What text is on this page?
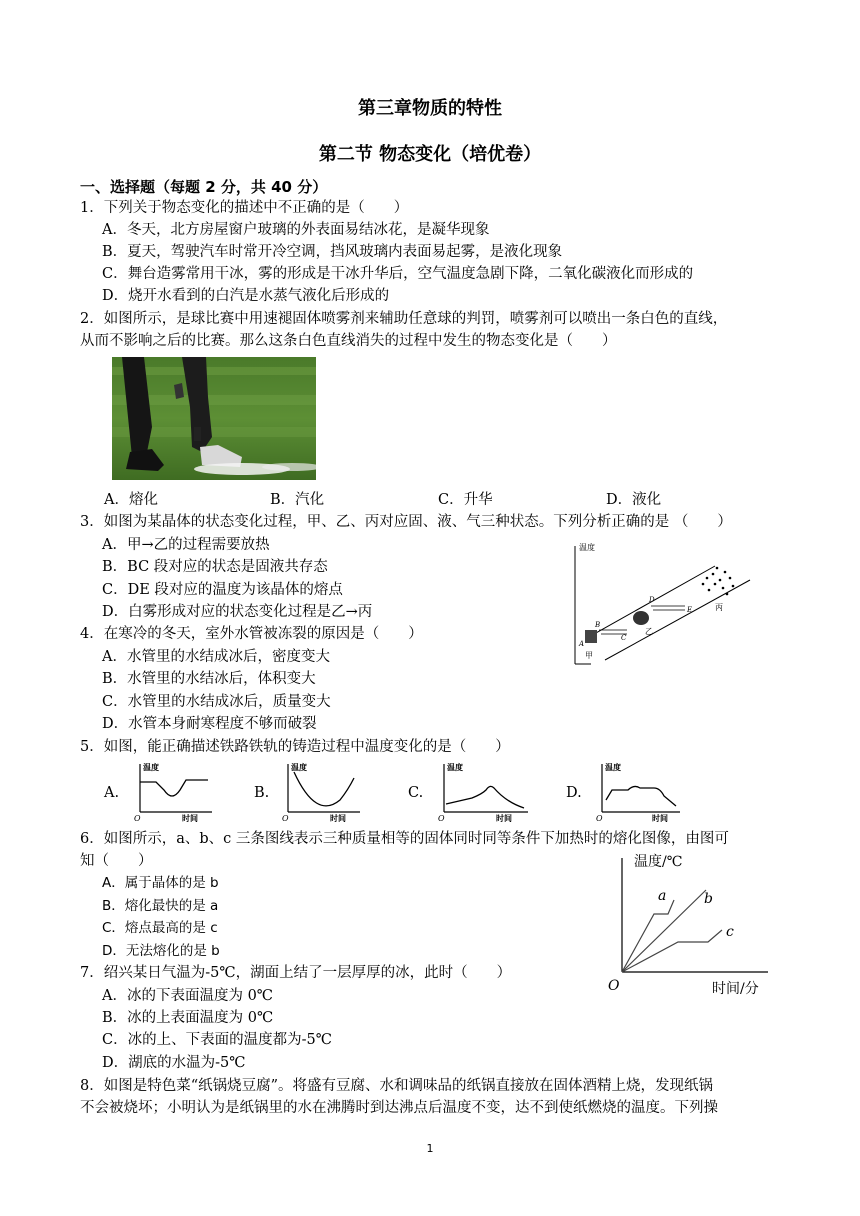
第三章物质的特性
第二节 物态变化（培优卷）
一、选择题（每题 2 分，共 40 分）
1．下列关于物态变化的描述中不正确的是（　　）
A．冬天，北方房屋窗户玻璃的外表面易结冰花，是凝华现象
B．夏天，驾驶汽车时常开冷空调，挡风玻璃内表面易起雾，是液化现象
C．舞台造雾常用干冰，雾的形成是干冰升华后，空气温度急剧下降，二氧化碳液化而形成的
D．烧开水看到的白汽是水蒸气液化后形成的
2．如图所示，是球比赛中用速褪固体喷雾剂来辅助任意球的判罚，喷雾剂可以喷出一条白色的直线，
从而不影响之后的比赛。那么这条白色直线消失的过程中发生的物态变化是（　　）
A．熔化	B．汽化	C．升华	D．液化
3．如图为某晶体的状态变化过程，甲、乙、丙对应固、液、气三种状态。下列分析正确的是 （　　）
A．甲→乙的过程需要放热
B．BC 段对应的状态是固液共存态
C．DE 段对应的温度为该晶体的熔点
D．白雾形成对应的状态变化过程是乙→丙
温度
A
甲
B
C
乙
D
E	丙
4．在寒冷的冬天，室外水管被冻裂的原因是（　　）
A．水管里的水结成冰后，密度变大
B．水管里的水结冰后，体积变大
C．水管里的水结成冰后，质量变大
D．水管本身耐寒程度不够而破裂
5．如图，能正确描述铁路铁轨的铸造过程中温度变化的是（　　）
A.
温度
时间
O
B.
温度
时间
O
C.
温度
时间
O
D.
温度
时间
O
6．如图所示，a、b、c 三条图线表示三种质量相等的固体同时同等条件下加热时的熔化图像，由图可
知（　　）
A．属于晶体的是 b
B．熔化最快的是 a
C．熔点最高的是 c
D．无法熔化的是 b
温度/℃
时间/分
O
a	b
c
7．绍兴某日气温为-5℃，湖面上结了一层厚厚的冰，此时（　　）
A．冰的下表面温度为 0℃
B．冰的上表面温度为 0℃
C．冰的上、下表面的温度都为-5℃
D．湖底的水温为-5℃
8．如图是特色菜“纸锅烧豆腐”。将盛有豆腐、水和调味品的纸锅直接放在固体酒精上烧，发现纸锅
不会被烧坏；小明认为是纸锅里的水在沸腾时到达沸点后温度不变，达不到使纸燃烧的温度。下列操
1
